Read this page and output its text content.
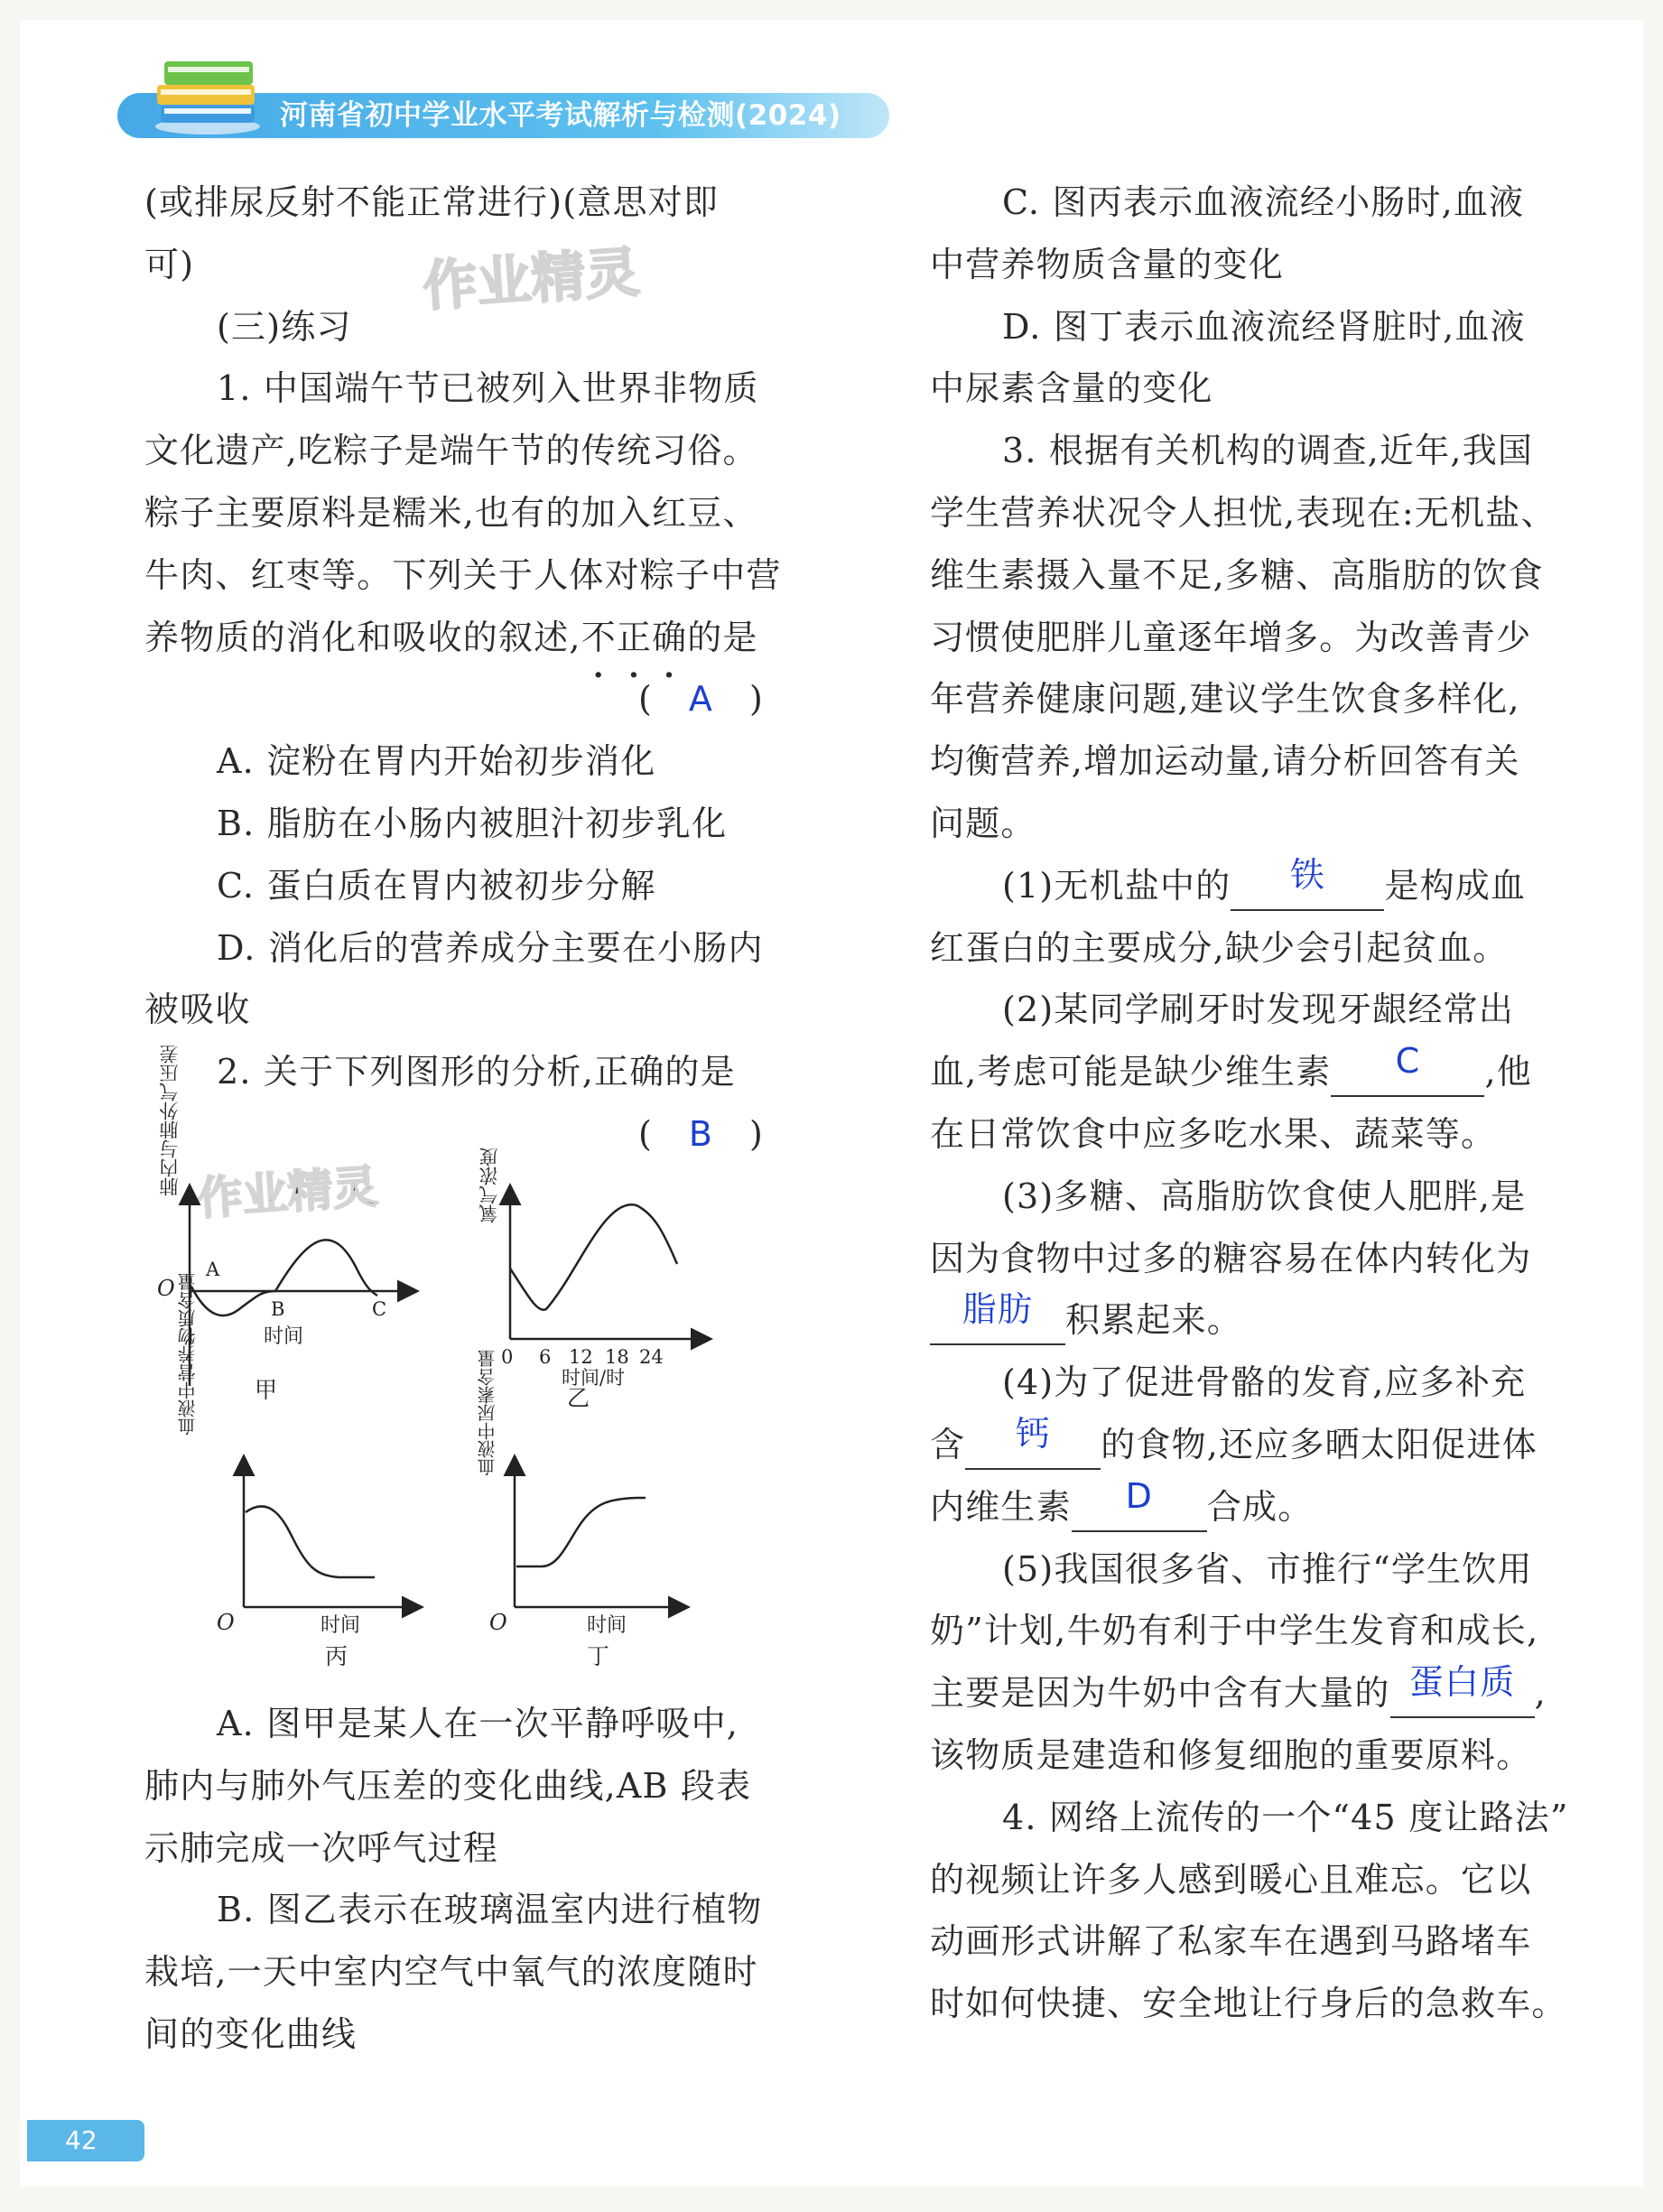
河南省初中学业水平考试解析与检测(2024)
作业精灵
(或排尿反射不能正常进行)(意思对即
可)
(三)练习
1. 中国端午节已被列入世界非物质
文化遗产,吃粽子是端午节的传统习俗。
粽子主要原料是糯米,也有的加入红豆、
牛肉、红枣等。下列关于人体对粽子中营
养物质的消化和吸收的叙述,不正确的是
( A )
A. 淀粉在胃内开始初步消化
B. 脂肪在小肠内被胆汁初步乳化
C. 蛋白质在胃内被初步分解
D. 消化后的营养成分主要在小肠内
被吸收
2. 关于下列图形的分析,正确的是
( B )
作业精灵
O
A
B	C
时间
甲
肺内与肺外气压差
0 6 12 18 24
时间/时
乙
氧气浓度
O	时间
丙
血液中营养物质含量
O	时间
丁
血液中尿素含量
A. 图甲是某人在一次平静呼吸中,
肺内与肺外气压差的变化曲线,AB 段表
示肺完成一次呼气过程
B. 图乙表示在玻璃温室内进行植物
栽培,一天中室内空气中氧气的浓度随时
间的变化曲线
C. 图丙表示血液流经小肠时,血液
中营养物质含量的变化
D. 图丁表示血液流经肾脏时,血液
中尿素含量的变化
3. 根据有关机构的调查,近年,我国
学生营养状况令人担忧,表现在:无机盐、
维生素摄入量不足,多糖、高脂肪的饮食
习惯使肥胖儿童逐年增多。为改善青少
年营养健康问题,建议学生饮食多样化,
均衡营养,增加运动量,请分析回答有关
问题。
(1)无机盐中的 铁 是构成血
红蛋白的主要成分,缺少会引起贫血。
(2)某同学刷牙时发现牙龈经常出
血,考虑可能是缺少维生素 C ,他
在日常饮食中应多吃水果、蔬菜等。
(3)多糖、高脂肪饮食使人肥胖,是
因为食物中过多的糖容易在体内转化为
脂肪 积累起来。
(4)为了促进骨骼的发育,应多补充
含 钙 的食物,还应多晒太阳促进体
内维生素 D 合成。
(5)我国很多省、市推行“学生饮用
奶”计划,牛奶有利于中学生发育和成长,
主要是因为牛奶中含有大量的 蛋白质 ,
该物质是建造和修复细胞的重要原料。
4. 网络上流传的一个“45 度让路法”
的视频让许多人感到暖心且难忘。它以
动画形式讲解了私家车在遇到马路堵车
时如何快捷、安全地让行身后的急救车。
42
